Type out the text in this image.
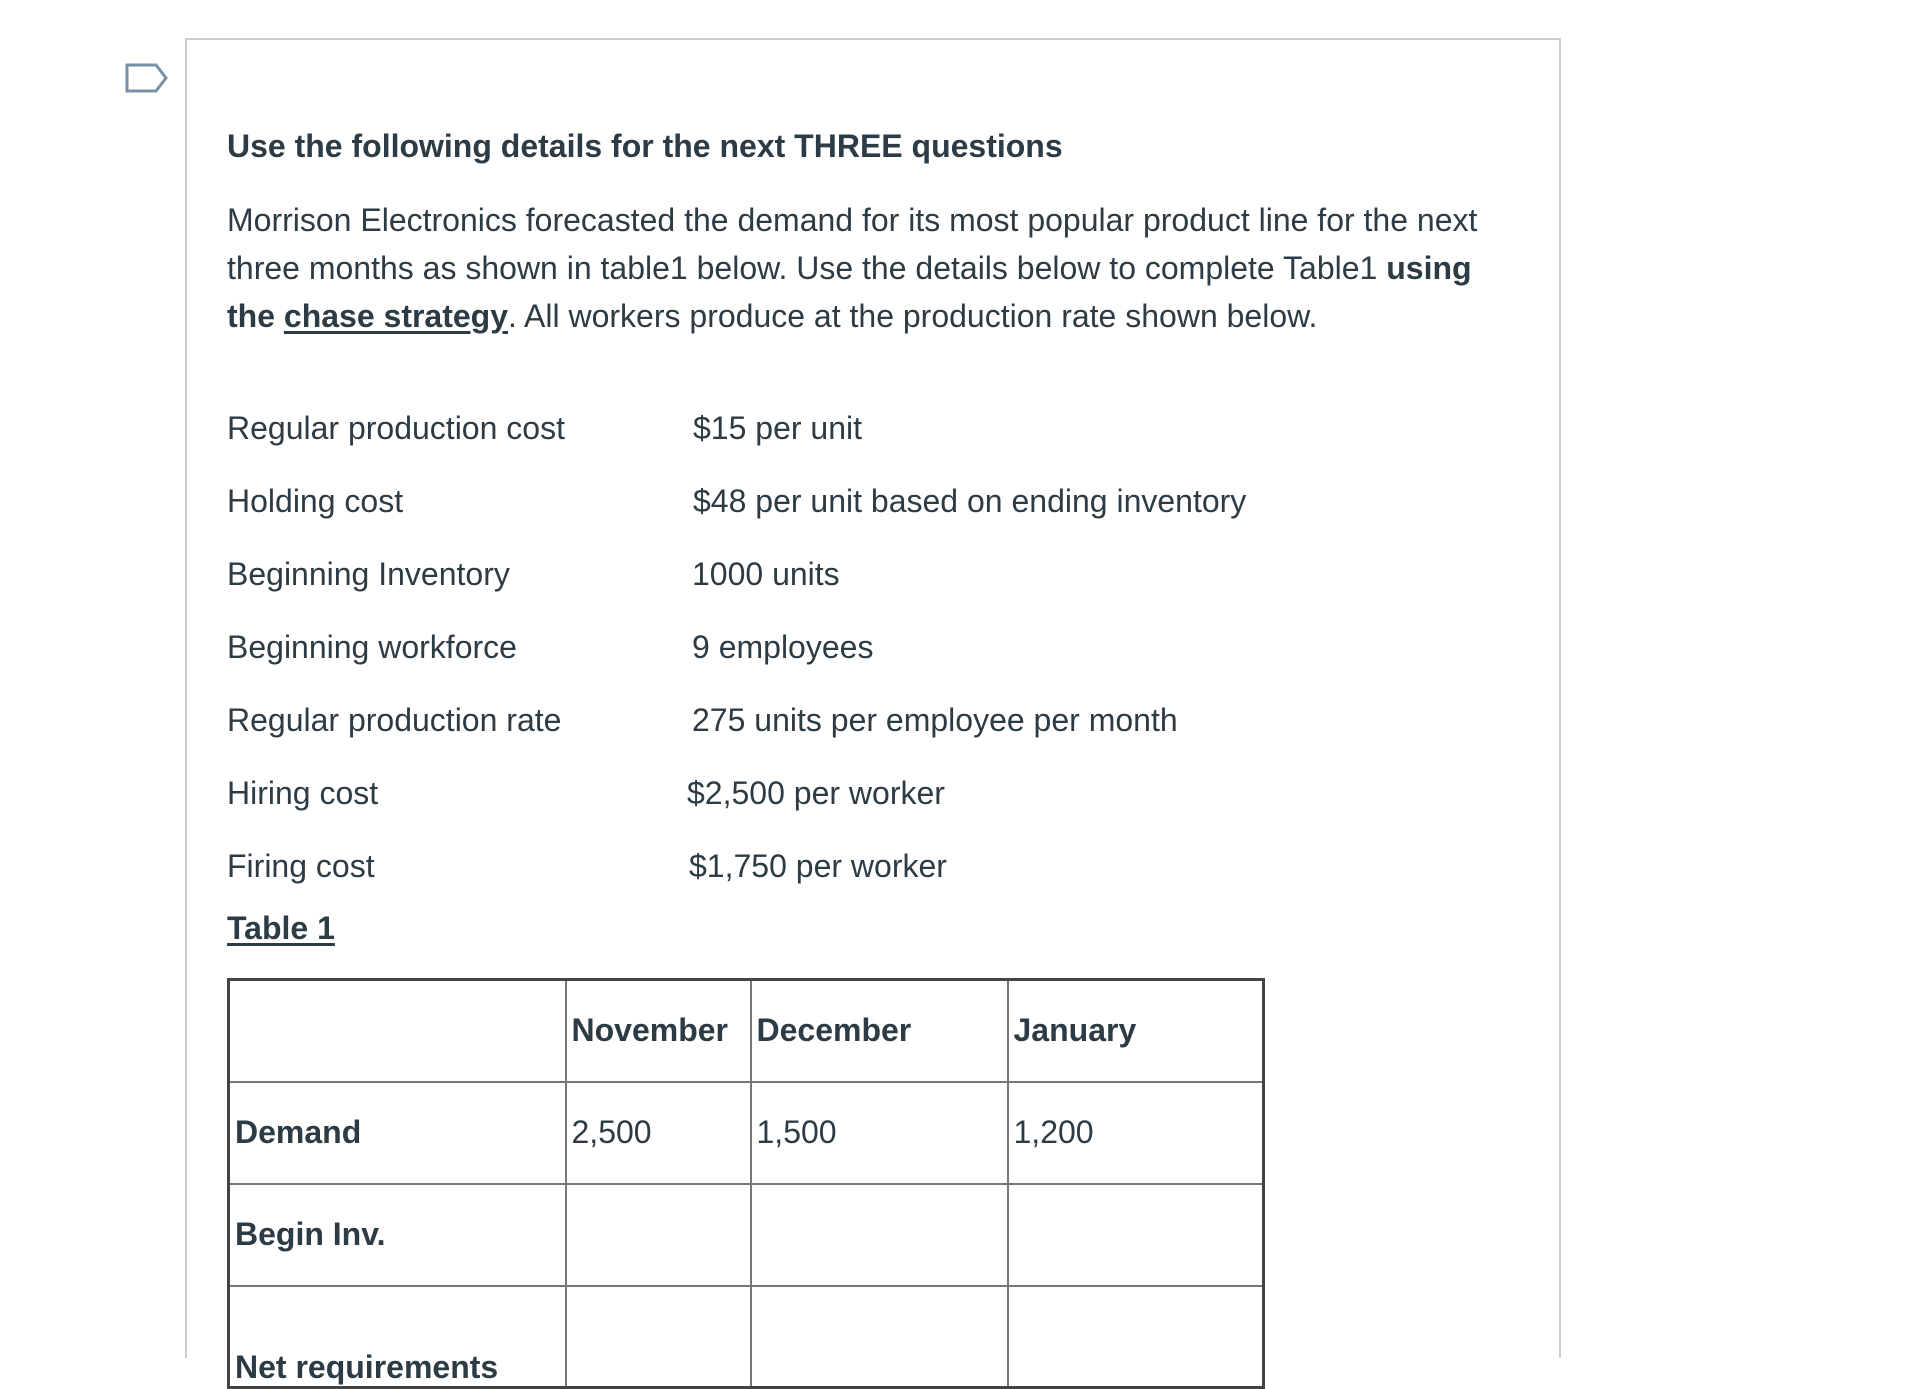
Use the following details for the next THREE questions
Morrison Electronics forecasted the demand for its most popular product line for the next three months as shown in table1 below. Use the details below to complete Table1 using the chase strategy. All workers produce at the production rate shown below.
Regular production cost	$15 per unit
Holding cost	$48 per unit based on ending inventory
Beginning Inventory	1000 units
Beginning workforce	9 employees
Regular production rate	275 units per employee per month
Hiring cost	$2,500 per worker
Firing cost	$1,750 per worker
Table 1
	November	December	January
Demand	2,500	1,500	1,200
Begin Inv.			
Net requirements			
